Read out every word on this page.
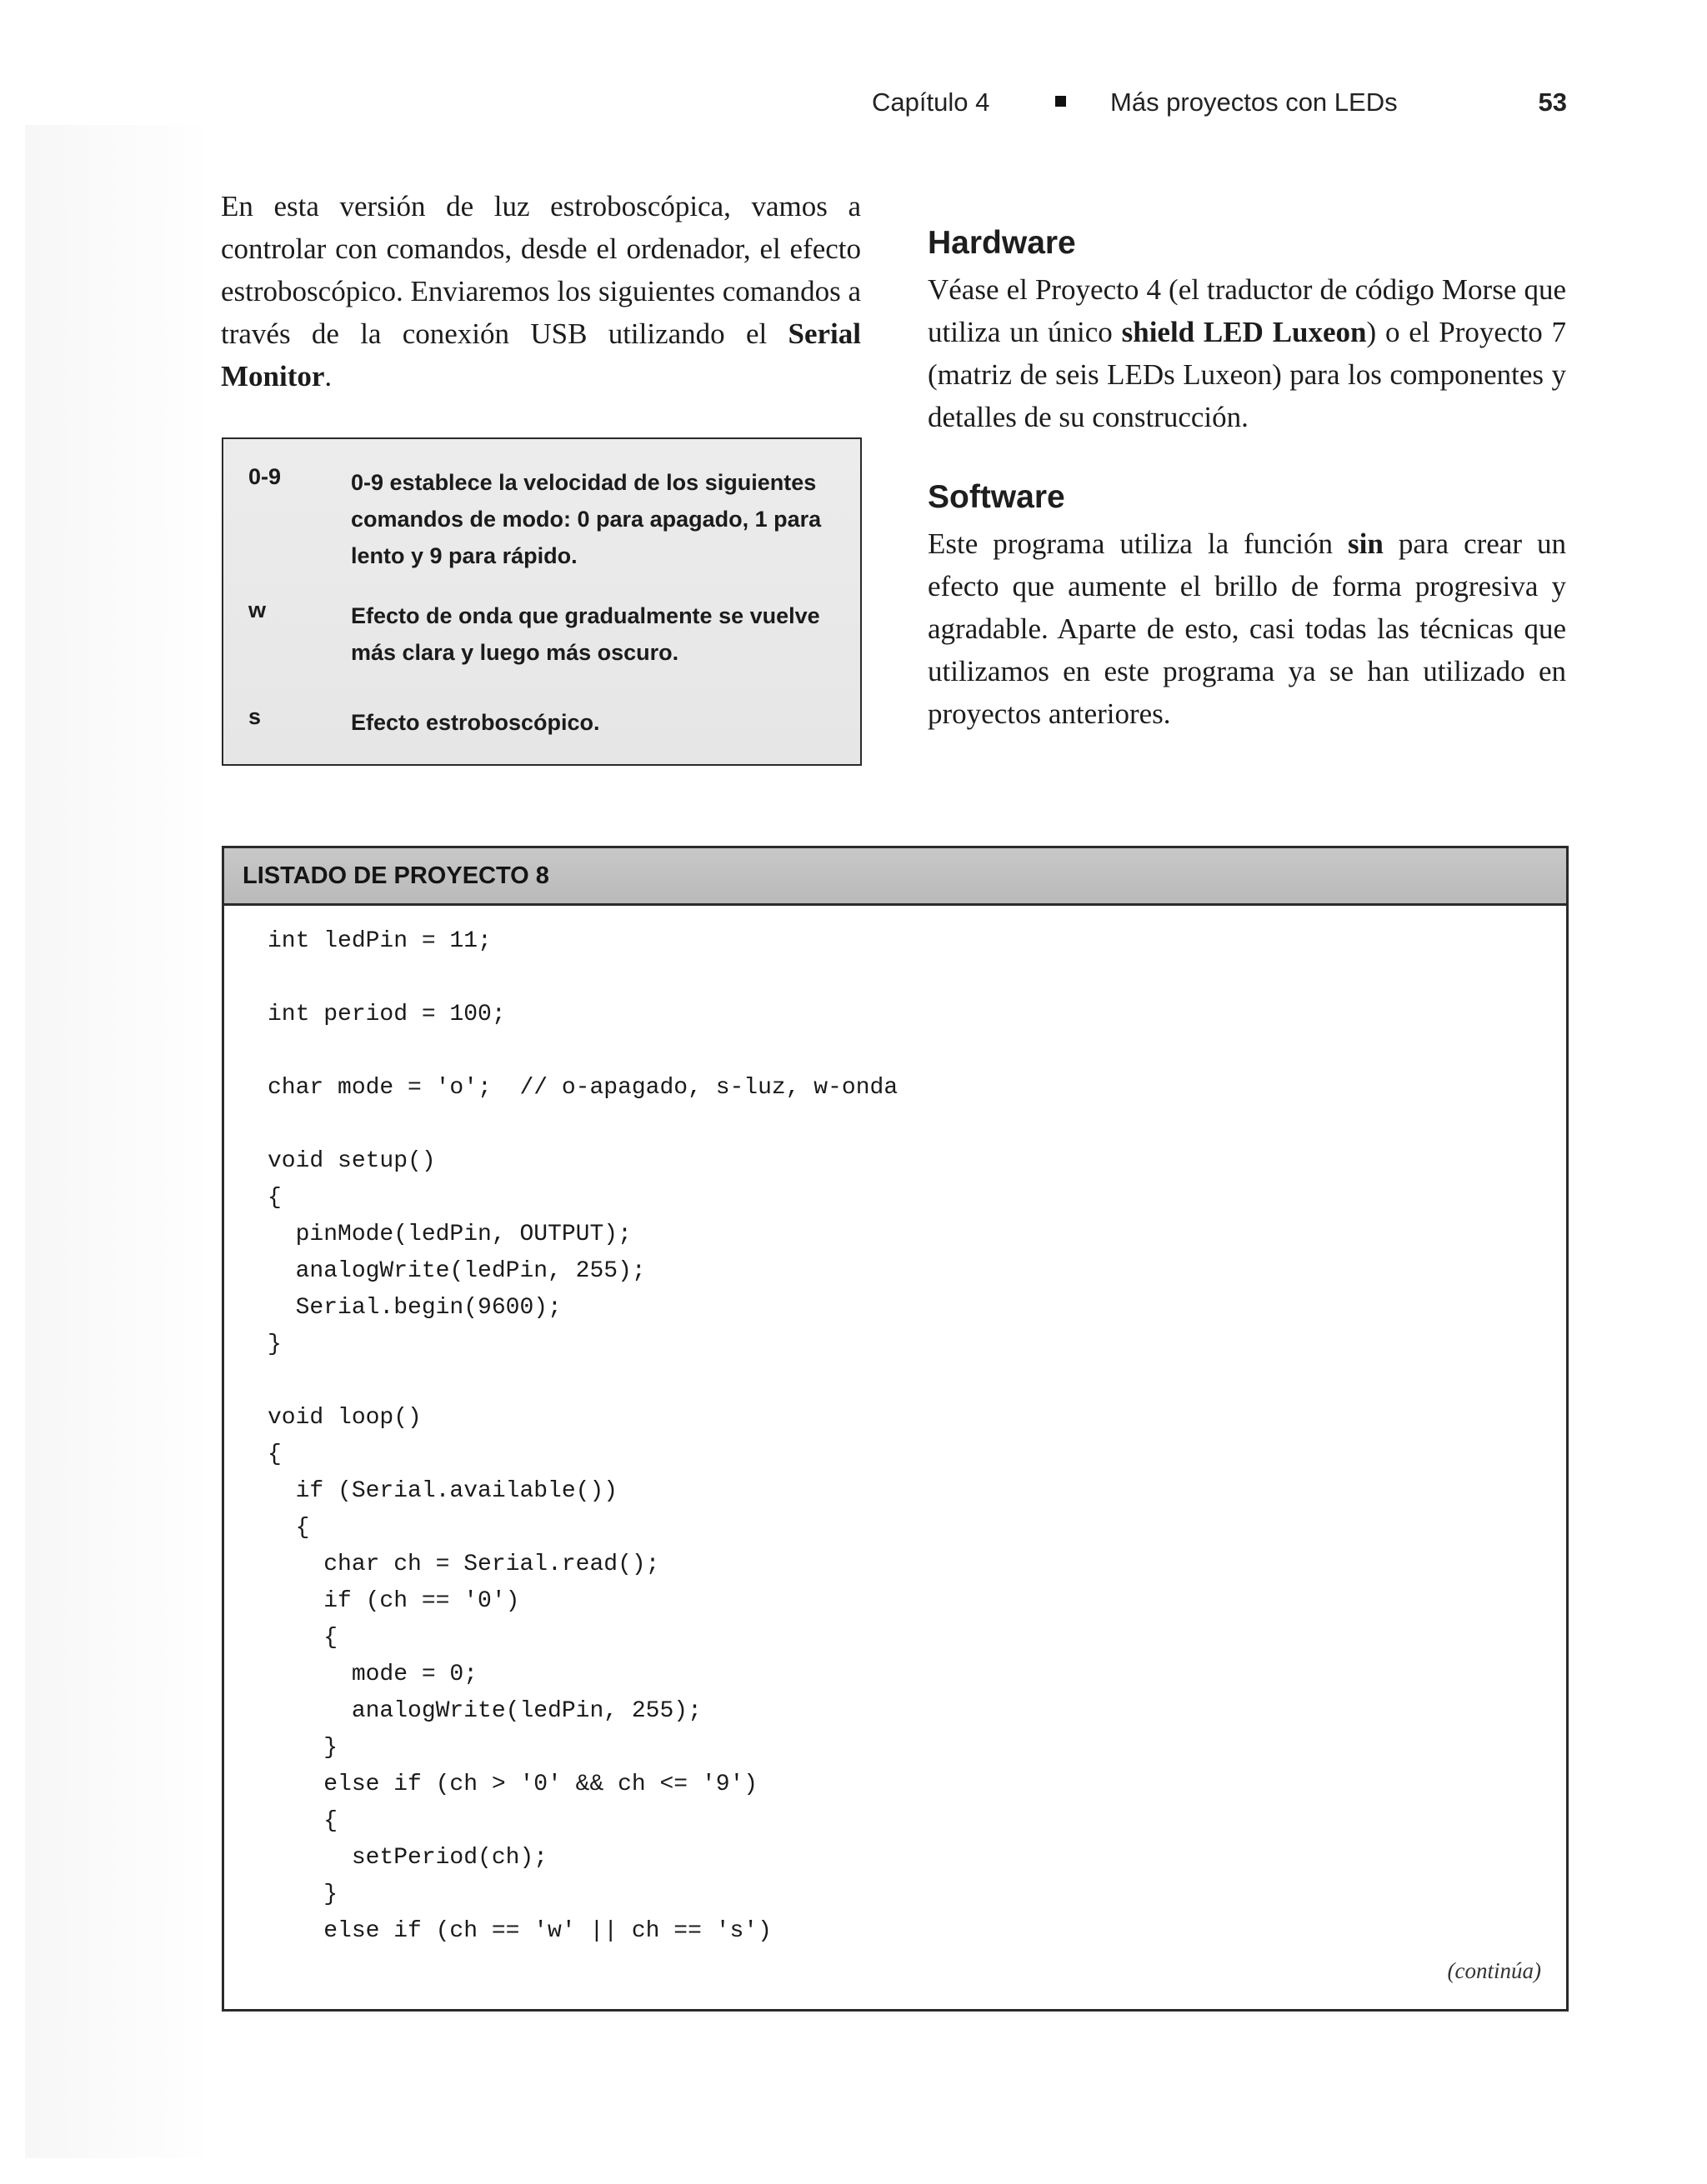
Capítulo 4	Más proyectos con LEDs	53

En esta versión de luz estroboscópica, vamos a controlar con comandos, desde el ordenador, el efecto estroboscópico. Enviaremos los siguientes comandos a través de la conexión USB utilizando el Serial Monitor.

0-9	0-9 establece la velocidad de los siguientes comandos de modo: 0 para apagado, 1 para lento y 9 para rápido.
w	Efecto de onda que gradualmente se vuelve más clara y luego más oscuro.
s	Efecto estroboscópico.
Hardware

Véase el Proyecto 4 (el traductor de código Morse que utiliza un único shield LED Luxeon) o el Proyecto 7 (matriz de seis LEDs Luxeon) para los componentes y detalles de su construcción.

Software

Este programa utiliza la función sin para crear un efecto que aumente el brillo de forma progresiva y agradable. Aparte de esto, casi todas las técnicas que utilizamos en este programa ya se han utilizado en proyectos anteriores.

LISTADO DE PROYECTO 8
int ledPin = 11;

int period = 100;

char mode = 'o';  // o-apagado, s-luz, w-onda

void setup()
{
pinMode(ledPin, OUTPUT);
analogWrite(ledPin, 255);
Serial.begin(9600);
}

void loop()
{
if (Serial.available())
{
char ch = Serial.read();
if (ch == '0')
{
mode = 0;
analogWrite(ledPin, 255);
}
else if (ch > '0' && ch <= '9')
{
setPeriod(ch);
}
else if (ch == 'w' || ch == 's')
(continúa)
